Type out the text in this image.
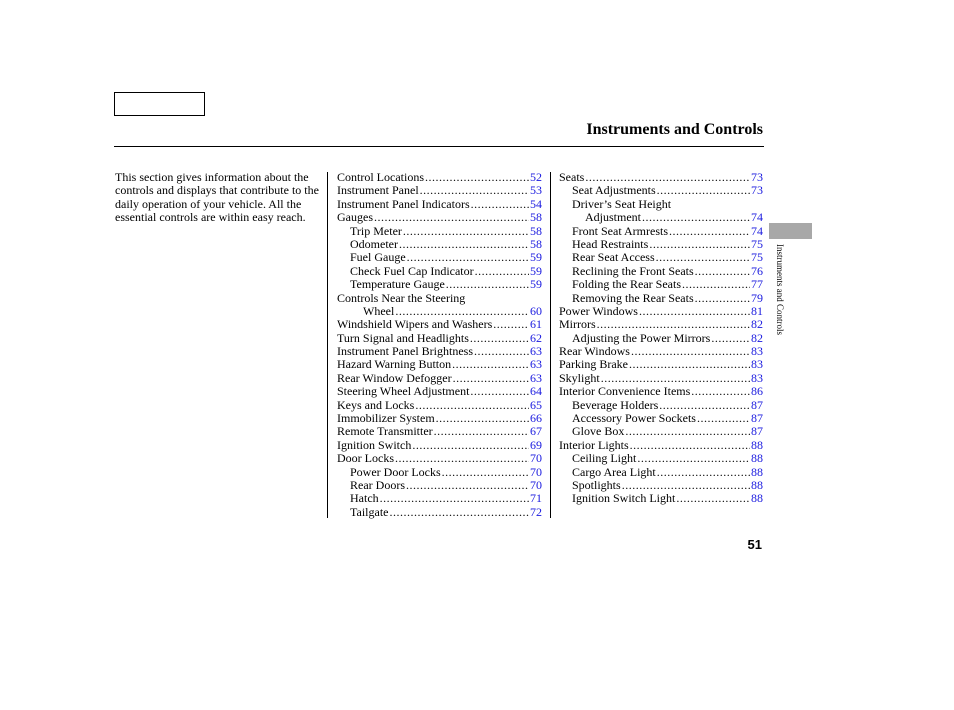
Instruments and Controls
This section gives information about the controls and displays that contribute to the daily operation of your vehicle. All the essential controls are within easy reach.
Control Locations .....	52
Instrument Panel .....	53
Instrument Panel Indicators .....	54
Gauges .....	58
Trip Meter .....	58
Odometer .....	58
Fuel Gauge .....	59
Check Fuel Cap Indicator .....	59
Temperature Gauge .....	59
Controls Near the Steering
Wheel .....	60
Windshield Wipers and Washers .....	61
Turn Signal and Headlights .....	62
Instrument Panel Brightness .....	63
Hazard Warning Button .....	63
Rear Window Defogger .....	63
Steering Wheel Adjustment .....	64
Keys and Locks .....	65
Immobilizer System .....	66
Remote Transmitter .....	67
Ignition Switch .....	69
Door Locks .....	70
Power Door Locks .....	70
Rear Doors .....	70
Hatch .....	71
Tailgate .....	72
Seats .....	73
Seat Adjustments .....	73
Driver’s Seat Height
Adjustment .....	74
Front Seat Armrests .....	74
Head Restraints .....	75
Rear Seat Access .....	75
Reclining the Front Seats .....	76
Folding the Rear Seats .....	77
Removing the Rear Seats .....	79
Power Windows .....	81
Mirrors .....	82
Adjusting the Power Mirrors .....	82
Rear Windows .....	83
Parking Brake .....	83
Skylight .....	83
Interior Convenience Items .....	86
Beverage Holders .....	87
Accessory Power Sockets .....	87
Glove Box .....	87
Interior Lights .....	88
Ceiling Light .....	88
Cargo Area Light .....	88
Spotlights .....	88
Ignition Switch Light .....	88
Instruments and Controls
51
